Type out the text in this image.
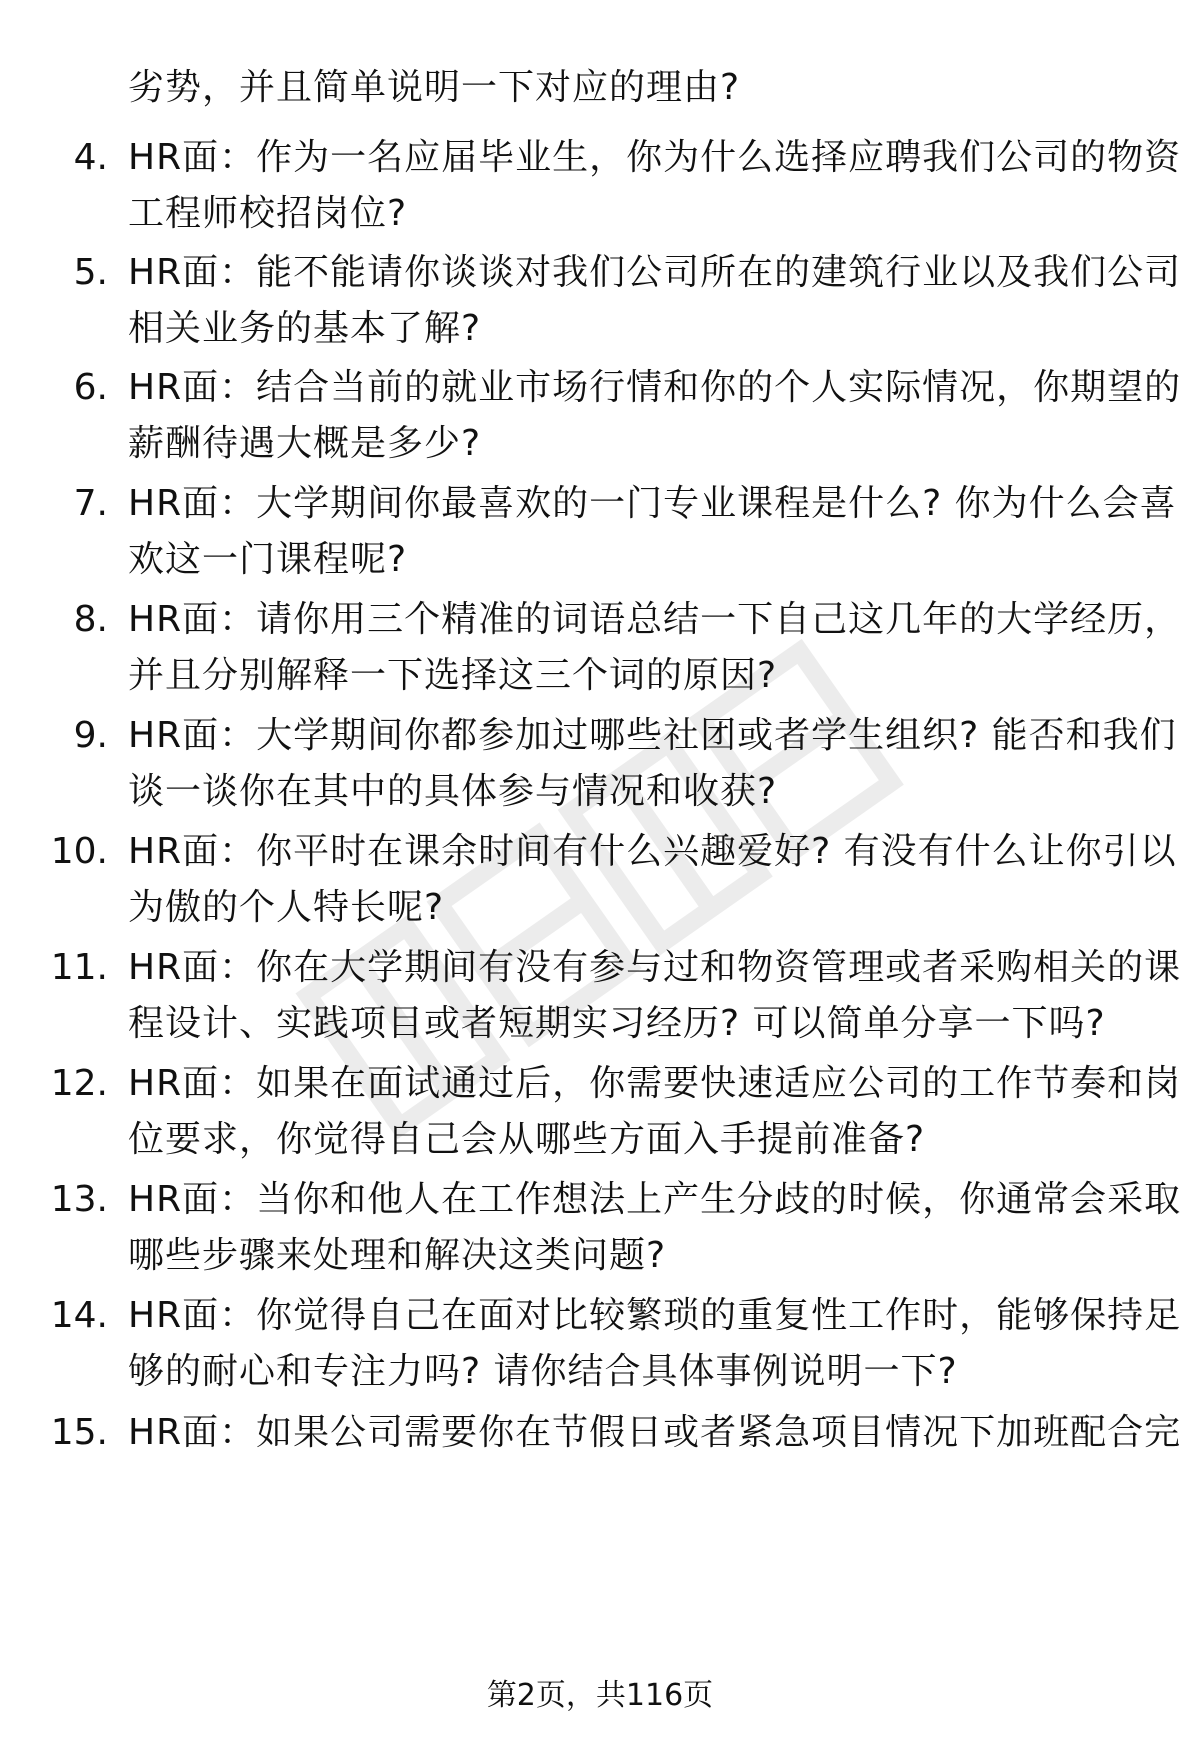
劣势，并且简单说明一下对应的理由?
4. HR面：作为一名应届毕业生，你为什么选择应聘我们公司的物资
工程师校招岗位?
5. HR面：能不能请你谈谈对我们公司所在的建筑行业以及我们公司
相关业务的基本了解?
6. HR面：结合当前的就业市场行情和你的个人实际情况，你期望的
薪酬待遇大概是多少?
7. HR面：大学期间你最喜欢的一门专业课程是什么? 你为什么会喜
欢这一门课程呢?
8. HR面：请你用三个精准的词语总结一下自己这几年的大学经历，
并且分别解释一下选择这三个词的原因?
9. HR面：大学期间你都参加过哪些社团或者学生组织? 能否和我们
谈一谈你在其中的具体参与情况和收获?
10. HR面：你平时在课余时间有什么兴趣爱好? 有没有什么让你引以
为傲的个人特长呢?
11. HR面：你在大学期间有没有参与过和物资管理或者采购相关的课
程设计、实践项目或者短期实习经历? 可以简单分享一下吗?
12. HR面：如果在面试通过后，你需要快速适应公司的工作节奏和岗
位要求，你觉得自己会从哪些方面入手提前准备?
13. HR面：当你和他人在工作想法上产生分歧的时候，你通常会采取
哪些步骤来处理和解决这类问题?
14. HR面：你觉得自己在面对比较繁琐的重复性工作时，能够保持足
够的耐心和专注力吗? 请你结合具体事例说明一下?
15. HR面：如果公司需要你在节假日或者紧急项目情况下加班配合完
第2页，共116页
